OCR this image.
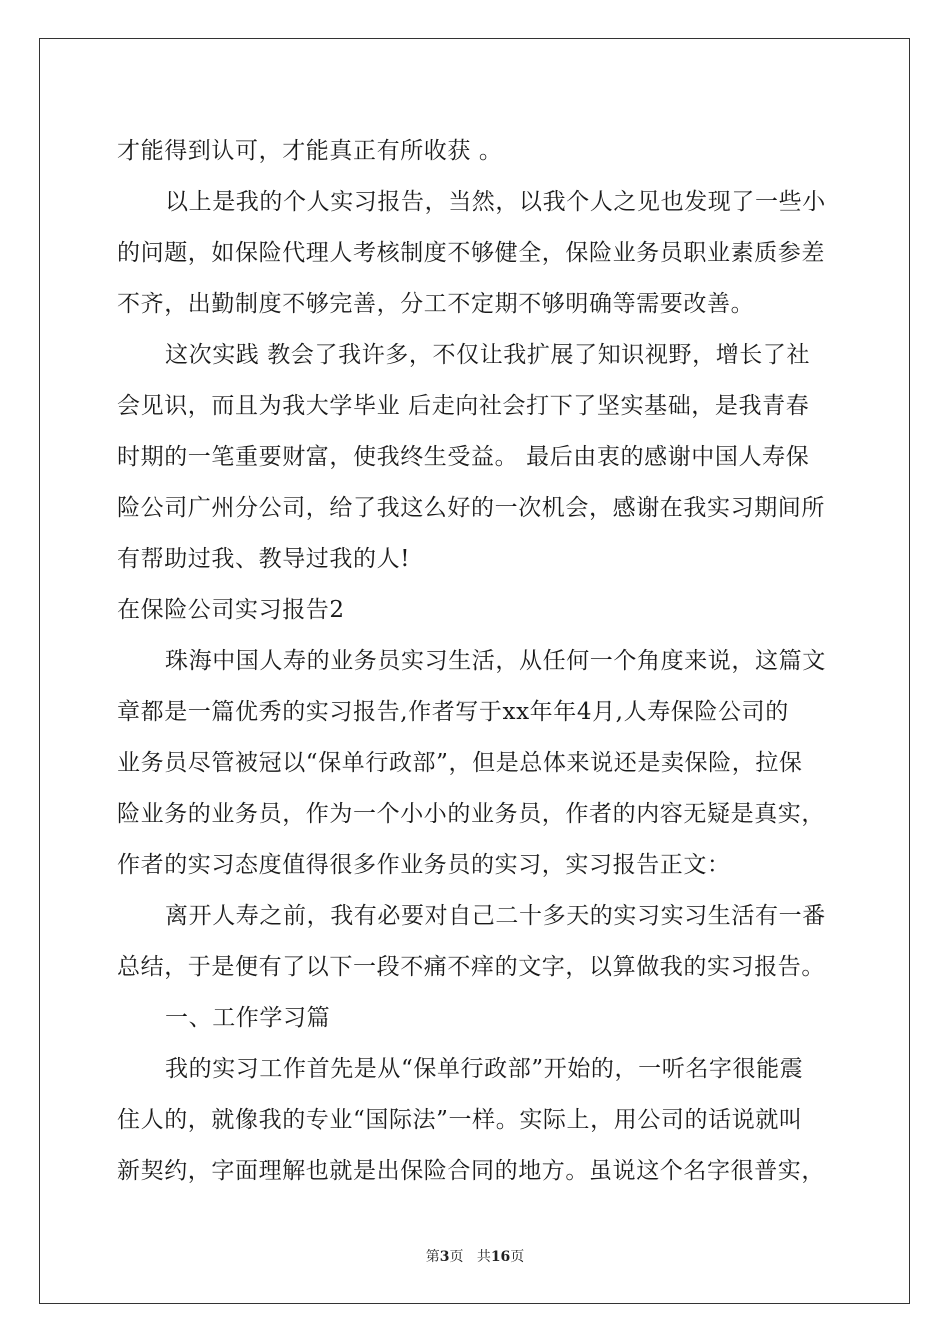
才能得到认可，才能真正有所收获 。
以上是我的个人实习报告，当然，以我个人之见也发现了一些小
的问题，如保险代理人考核制度不够健全，保险业务员职业素质参差
不齐，出勤制度不够完善，分工不定期不够明确等需要改善。
这次实践 教会了我许多，不仅让我扩展了知识视野，增长了社
会见识，而且为我大学毕业 后走向社会打下了坚实基础，是我青春
时期的一笔重要财富，使我终生受益。 最后由衷的感谢中国人寿保
险公司广州分公司，给了我这么好的一次机会，感谢在我实习期间所
有帮助过我、教导过我的人!
在保险公司实习报告2
珠海中国人寿的业务员实习生活，从任何一个角度来说，这篇文
章都是一篇优秀的实习报告,作者写于xx年年4月,人寿保险公司的
业务员尽管被冠以“保单行政部”，但是总体来说还是卖保险，拉保
险业务的业务员，作为一个小小的业务员，作者的内容无疑是真实，
作者的实习态度值得很多作业务员的实习，实习报告正文：
离开人寿之前，我有必要对自己二十多天的实习实习生活有一番
总结，于是便有了以下一段不痛不痒的文字，以算做我的实习报告。
一、工作学习篇
我的实习工作首先是从“保单行政部”开始的，一听名字很能震
住人的，就像我的专业“国际法”一样。实际上，用公司的话说就叫
新契约，字面理解也就是出保险合同的地方。虽说这个名字很普实，
第3页 共16页
